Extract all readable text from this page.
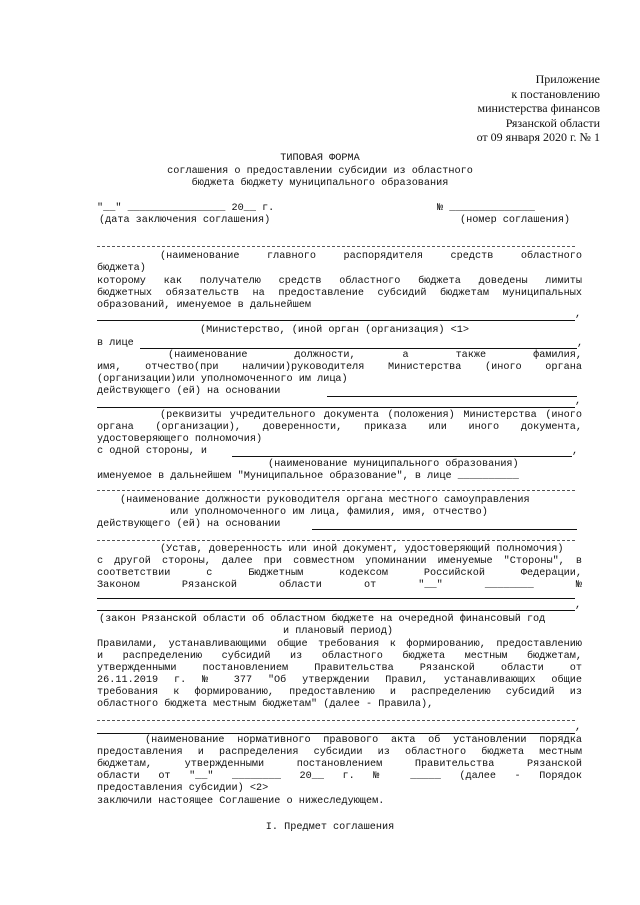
Приложение
к постановлению
министерства финансов
Рязанской области
от 09 января 2020 г. № 1
ТИПОВАЯ ФОРМА
соглашения о предоставлении субсидии из областного
бюджета бюджету муниципального образования
"__" ________________ 20__ г.	№ ______________
(дата заключения соглашения)	(номер соглашения)
(наименование главного распорядителя средств областного
бюджета)
которому как получателю средств областного бюджета доведены лимиты
бюджетных обязательств на предоставление субсидий бюджетам муниципальных
образований, именуемое в дальнейшем
,
(Министерство, (иной орган (организация) <1>
в лице	,
(наименование должности, а также фамилия,
имя, отчество(при наличии)руководителя Министерства (иного органа
(организации)или уполномоченного им лица)
действующего (ей) на основании
,
(реквизиты учредительного документа (положения) Министерства (иного
органа (организации), доверенности, приказа или иного документа,
удостоверяющего полномочия)
с одной стороны, и	,
(наименование муниципального образования)
именуемое в дальнейшем "Муниципальное образование", в лице __________
(наименование должности руководителя органа местного самоуправления
или уполномоченного им лица, фамилия, имя, отчество)
действующего (ей) на основании
(Устав, доверенность или иной документ, удостоверяющий полномочия)
с другой стороны, далее при совместном упоминании именуемые "Стороны", в
соответствии с Бюджетным кодексом Российской Федерации,
Законом Рязанской области от "__" ________ №
,
(закон Рязанской области об областном бюджете на очередной финансовый год
и плановый период)
Правилами, устанавливающими общие требования к формированию, предоставлению
и распределению субсидий из областного бюджета местным бюджетам,
утвержденными постановлением Правительства Рязанской области от
26.11.2019 г. № 377 "Об утверждении Правил, устанавливающих общие
требования к формированию, предоставлению и распределению субсидий из
областного бюджета местным бюджетам" (далее - Правила),
,
(наименование нормативного правового акта об установлении порядка
предоставления и распределения субсидии из областного бюджета местным
бюджетам, утвержденными постановлением Правительства Рязанской
области от "__" ________ 20__ г. № _____ (далее - Порядок
предоставления субсидии) <2>
заключили настоящее Соглашение о нижеследующем.
I. Предмет соглашения
